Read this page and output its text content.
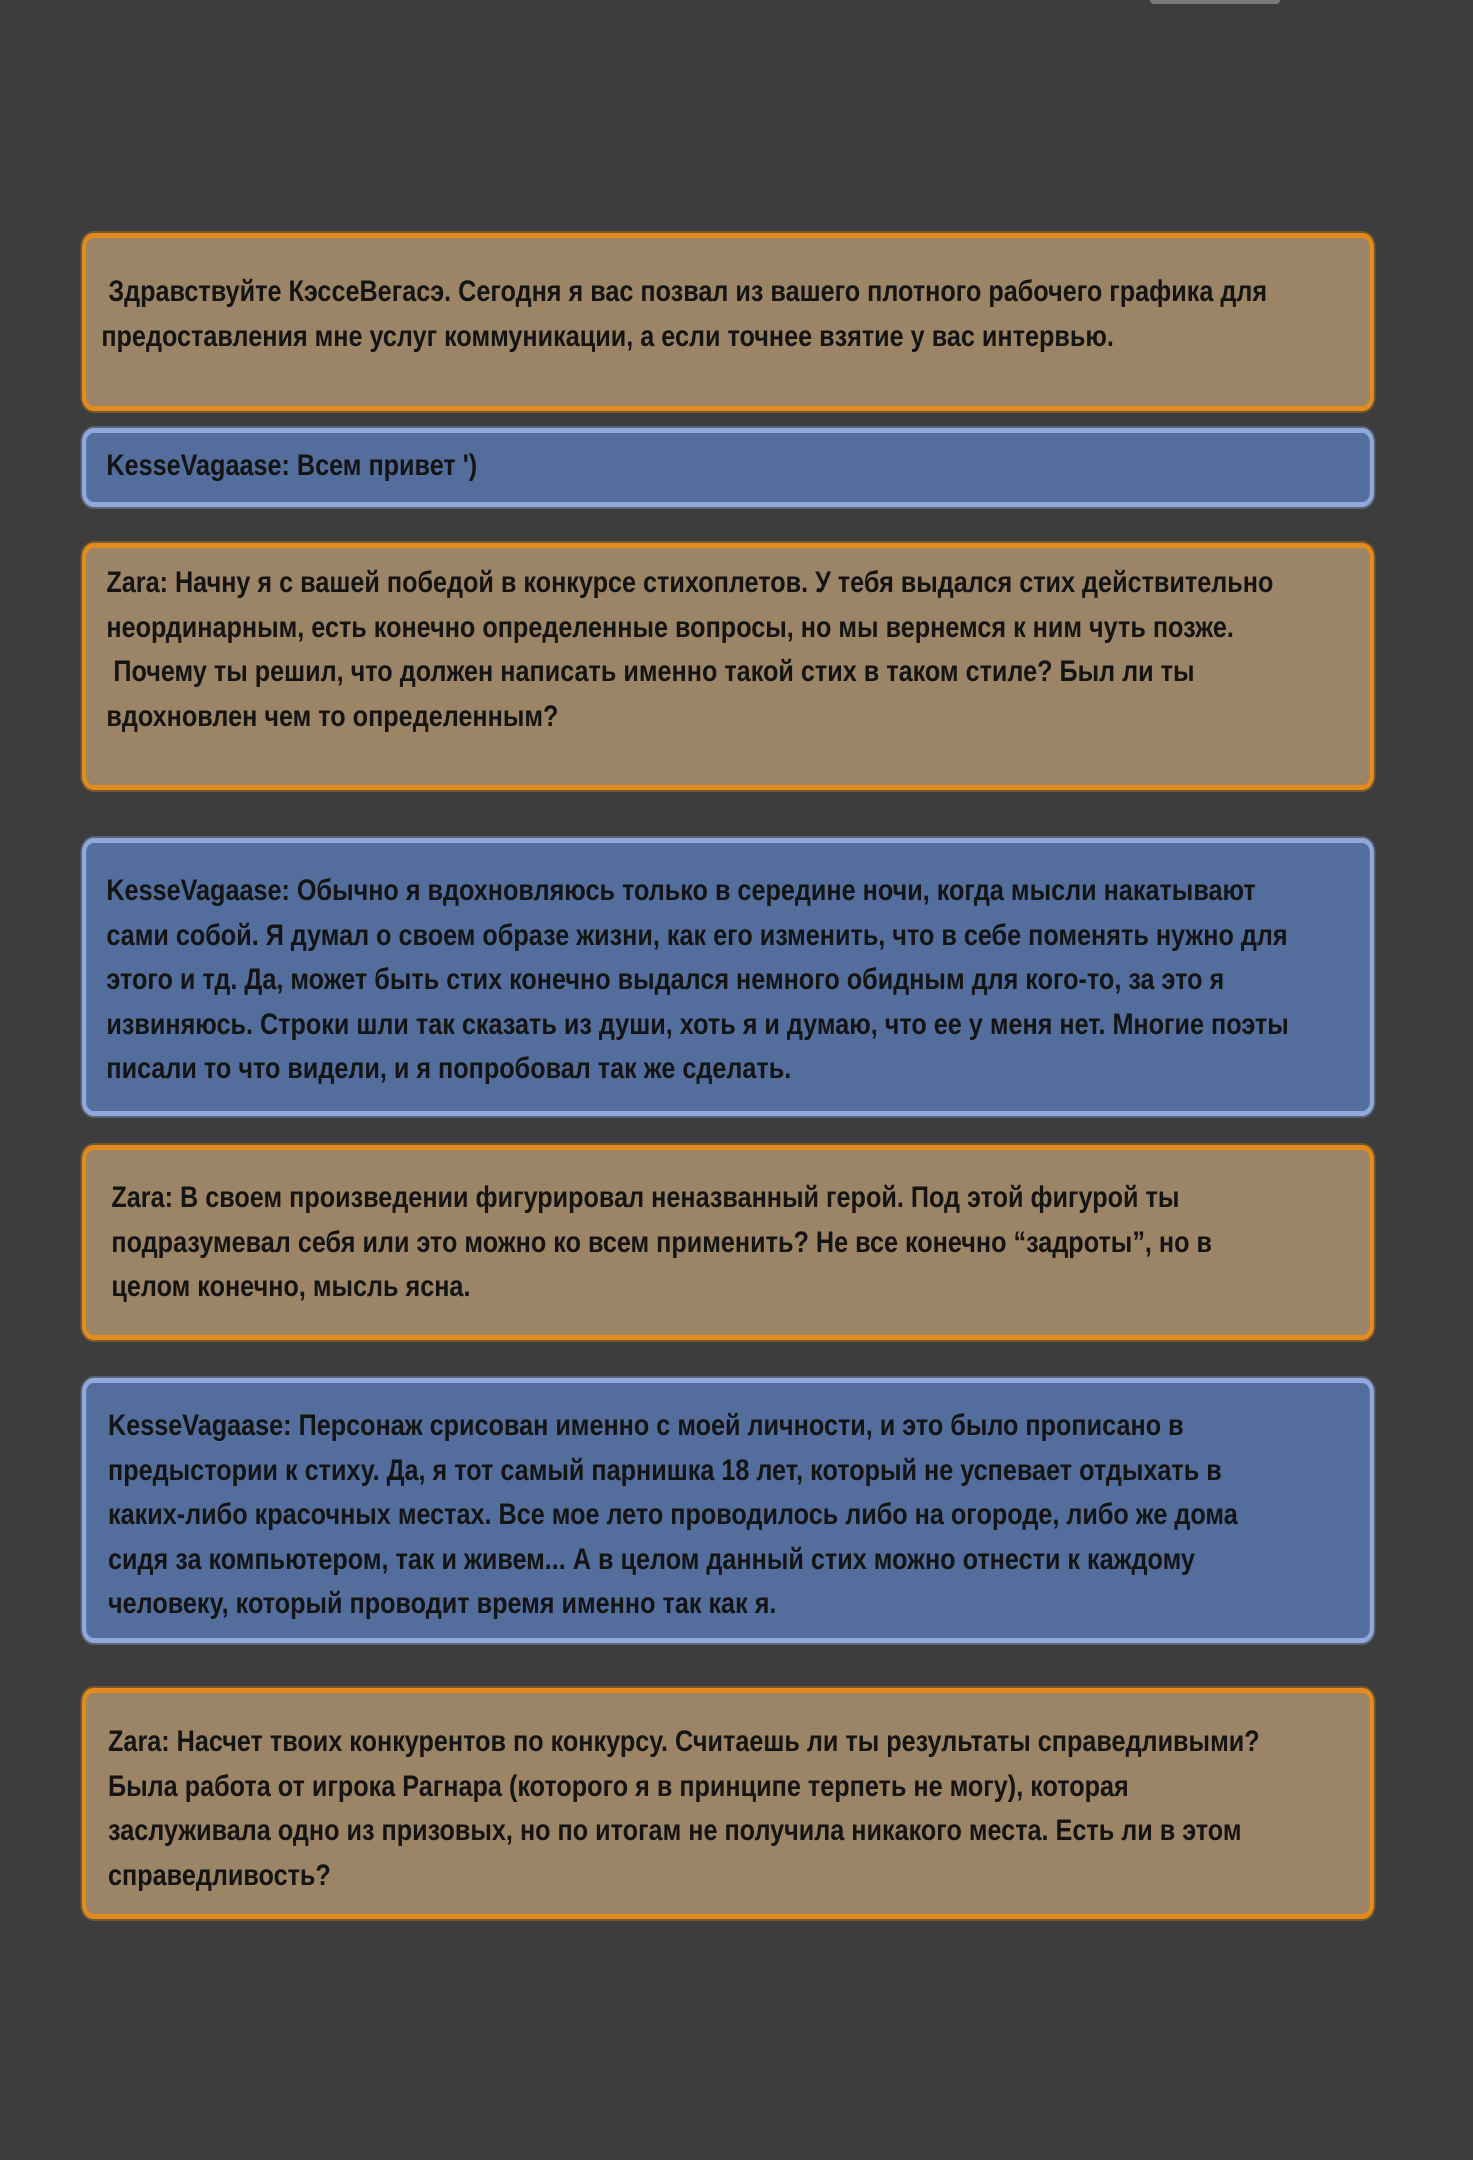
Здравствуйте КэссеВегасэ. Сегодня я вас позвал из вашего плотного рабочего графика для
предоставления мне услуг коммуникации, а если точнее взятие у вас интервью.
KesseVagaase: Всем привет ')
Zara: Начну я с вашей победой в конкурсе стихоплетов. У тебя выдался стих действительно
неординарным, есть конечно определенные вопросы, но мы вернемся к ним чуть позже.
Почему ты решил, что должен написать именно такой стих в таком стиле? Был ли ты
вдохновлен чем то определенным?
KesseVagaase: Обычно я вдохновляюсь только в середине ночи, когда мысли накатывают
сами собой. Я думал о своем образе жизни, как его изменить, что в себе поменять нужно для
этого и тд. Да, может быть стих конечно выдался немного обидным для кого-то, за это я
извиняюсь. Строки шли так сказать из души, хоть я и думаю, что ее у меня нет. Многие поэты
писали то что видели, и я попробовал так же сделать.
Zara: В своем произведении фигурировал неназванный герой. Под этой фигурой ты
подразумевал себя или это можно ко всем применить? Не все конечно “задроты”, но в
целом конечно, мысль ясна.
KesseVagaase: Персонаж срисован именно с моей личности, и это было прописано в
предыстории к стиху. Да, я тот самый парнишка 18 лет, который не успевает отдыхать в
каких-либо красочных местах. Все мое лето проводилось либо на огороде, либо же дома
сидя за компьютером, так и живем... А в целом данный стих можно отнести к каждому
человеку, который проводит время именно так как я.
Zara: Насчет твоих конкурентов по конкурсу. Считаешь ли ты результаты справедливыми?
Была работа от игрока Рагнара (которого я в принципе терпеть не могу), которая
заслуживала одно из призовых, но по итогам не получила никакого места. Есть ли в этом
справедливость?
